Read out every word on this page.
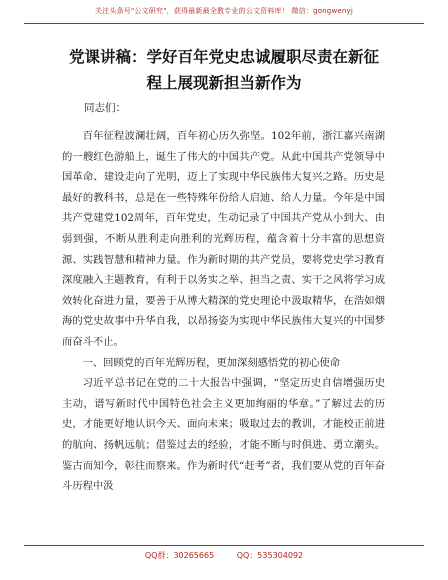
关注头条号"公文研究"，获得最新最全教专业的公文资料库！ 微信：gongwenyj
党课讲稿：学好百年党史忠诚履职尽责在新征
程上展现新担当新作为
同志们：

百年征程波澜壮阔，百年初心历久弥坚。102年前，浙江嘉兴南湖的一艘红色游船上，诞生了伟大的中国共产党。从此中国共产党领导中国革命、建设走向了光明，迈上了实现中华民族伟大复兴之路。历史是最好的教科书，总是在一些特殊年份给人启迪、给人力量。今年是中国共产党建党102周年，百年党史，生动记录了中国共产党从小到大、由弱到强，不断从胜利走向胜利的光辉历程，蕴含着十分丰富的思想资源、实践智慧和精神力量。作为新时期的共产党员，要将党史学习教育深度融入主题教育，有利于以务实之举、担当之责、实干之风将学习成效转化奋进力量，要善于从博大精深的党史理论中汲取精华，在浩如烟海的党史故事中升华自我，以昂扬姿为实现中华民族伟大复兴的中国梦而奋斗不止。

一、回顾党的百年光辉历程，更加深刻感悟党的初心使命

习近平总书记在党的二十大报告中强调，“坚定历史自信增强历史主动，谱写新时代中国特色社会主义更加绚丽的华章。”了解过去的历史，才能更好地认识今天、面向未来；吸取过去的教训，才能校正前进的航向、扬帆远航；借鉴过去的经验，才能不断与时俱进、勇立潮头。鉴古而知今，彰往而察来。作为新时代“赶考”者，我们要从党的百年奋斗历程中汲

QQ群：30265665	QQ：535304092
